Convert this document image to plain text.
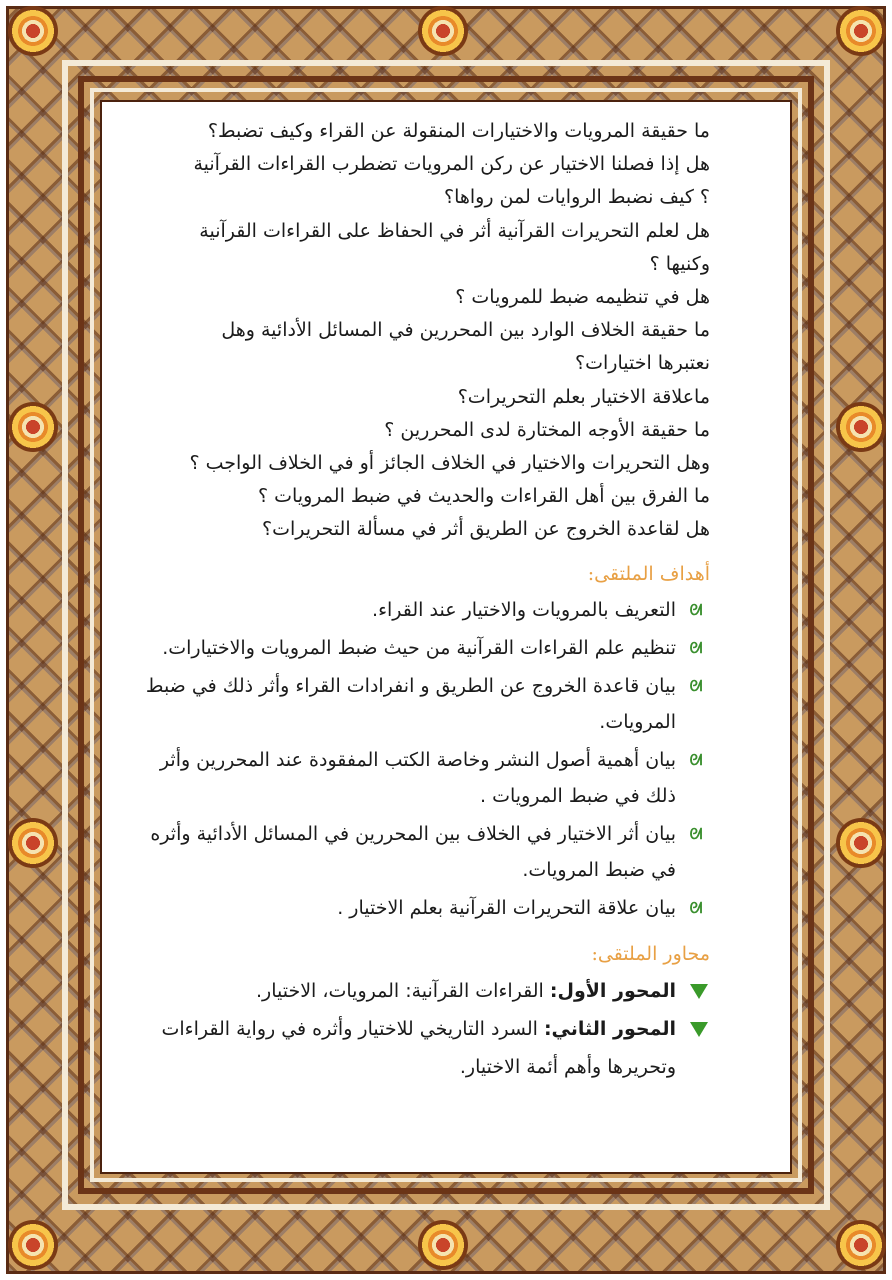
ما حقيقة المرويات والاختيارات المنقولة عن القراء وكيف تضبط؟
هل إذا فصلنا الاختيار عن ركن المرويات تضطرب القراءات القرآنية
؟ كيف نضبط الروايات لمن رواها؟
هل لعلم التحريرات القرآنية أثر في الحفاظ على القراءات القرآنية
وكنيها ؟
هل في تنظيمه ضبط للمرويات ؟
ما حقيقة الخلاف الوارد بين المحررين في المسائل الأدائية وهل
نعتبرها اختيارات؟
ماعلاقة الاختيار بعلم التحريرات؟
ما حقيقة الأوجه المختارة لدى المحررين ؟
وهل التحريرات والاختيار في الخلاف الجائز أو في الخلاف الواجب ؟
ما الفرق بين أهل القراءات والحديث في ضبط المرويات ؟
هل لقاعدة الخروج عن الطريق أثر في مسألة التحريرات؟
أهداف الملتقى:
ᘛ
التعريف بالمرويات والاختيار عند القراء.
ᘛ
تنظيم علم القراءات القرآنية من حيث ضبط المرويات والاختيارات.
ᘛ
بيان قاعدة الخروج عن الطريق و انفرادات القراء وأثر ذلك في ضبط المرويات.
ᘛ
بيان أهمية أصول النشر وخاصة الكتب المفقودة عند المحررين وأثر ذلك في ضبط المرويات .
ᘛ
بيان أثر الاختيار في الخلاف بين المحررين في المسائل الأدائية وأثره في ضبط المرويات.
ᘛ
بيان علاقة التحريرات القرآنية بعلم الاختيار .
محاور الملتقى:
المحور الأول: القراءات القرآنية: المرويات، الاختيار.
المحور الثاني: السرد التاريخي للاختيار وأثره في رواية القراءات وتحريرها وأهم أئمة الاختيار.
